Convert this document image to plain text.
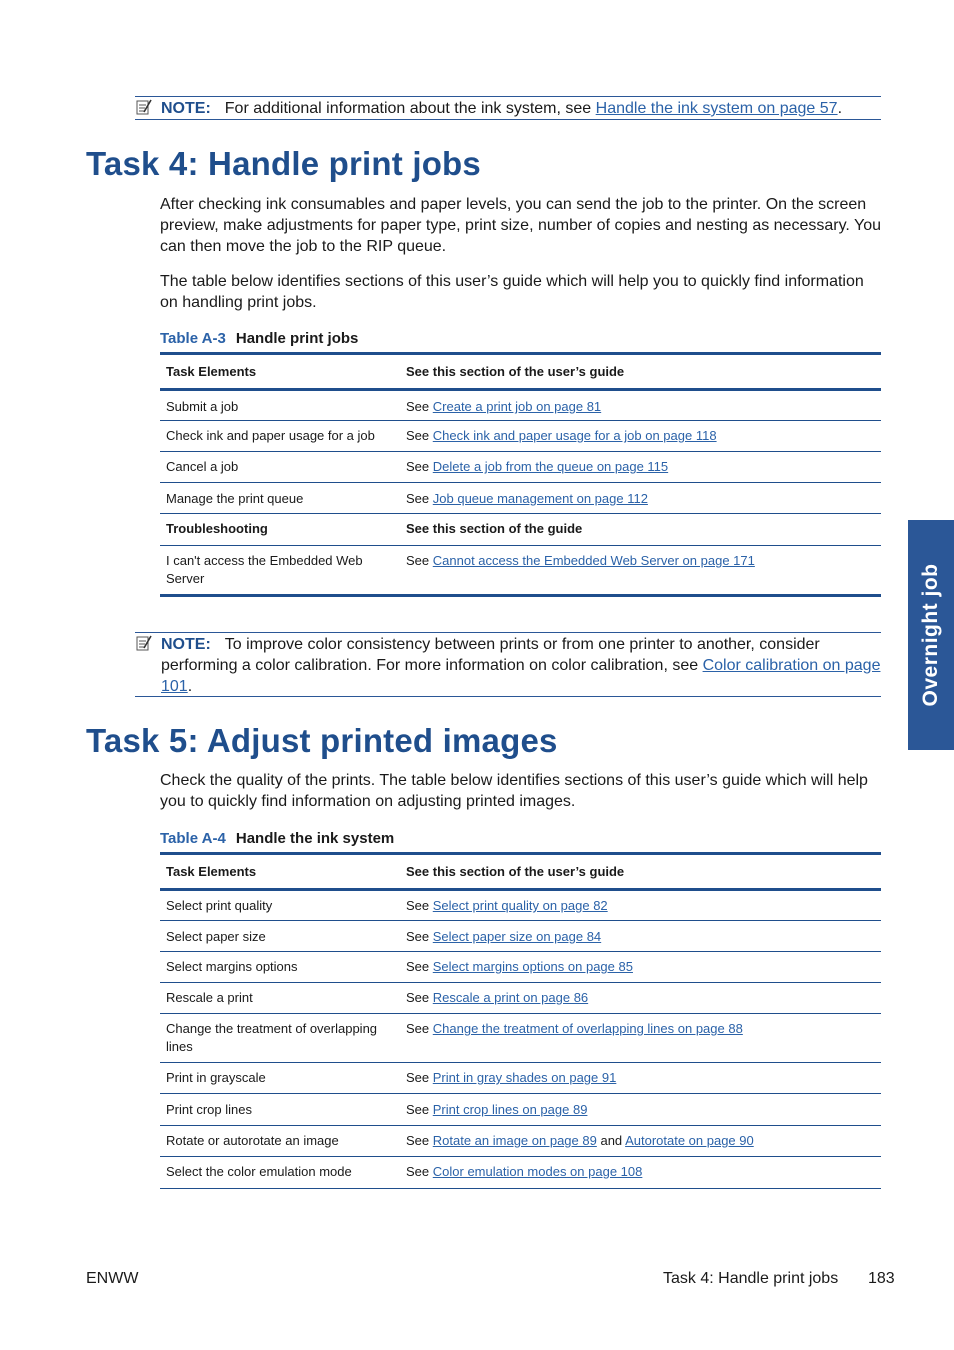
NOTE: For additional information about the ink system, see Handle the ink system on page 57.
Task 4: Handle print jobs

After checking ink consumables and paper levels, you can send the job to the printer. On the screen preview, make adjustments for paper type, print size, number of copies and nesting as necessary. You can then move the job to the RIP queue.

The table below identifies sections of this user’s guide which will help you to quickly find information on handling print jobs.

Table A-3 Handle print jobs
Task Elements	See this section of the user’s guide
Submit a job	See Create a print job on page 81
Check ink and paper usage for a job	See Check ink and paper usage for a job on page 118
Cancel a job	See Delete a job from the queue on page 115
Manage the print queue	See Job queue management on page 112
Troubleshooting	See this section of the guide
I can't access the Embedded Web Server	See Cannot access the Embedded Web Server on page 171
NOTE: To improve color consistency between prints or from one printer to another, consider performing a color calibration. For more information on color calibration, see Color calibration on page 101.
Task 5: Adjust printed images

Check the quality of the prints. The table below identifies sections of this user’s guide which will help you to quickly find information on adjusting printed images.

Table A-4 Handle the ink system
Task Elements	See this section of the user’s guide
Select print quality	See Select print quality on page 82
Select paper size	See Select paper size on page 84
Select margins options	See Select margins options on page 85
Rescale a print	See Rescale a print on page 86
Change the treatment of overlapping lines	See Change the treatment of overlapping lines on page 88
Print in grayscale	See Print in gray shades on page 91
Print crop lines	See Print crop lines on page 89
Rotate or autorotate an image	See Rotate an image on page 89 and Autorotate on page 90
Select the color emulation mode	See Color emulation modes on page 108
Overnight job
ENWW	Task 4: Handle print jobs 183
